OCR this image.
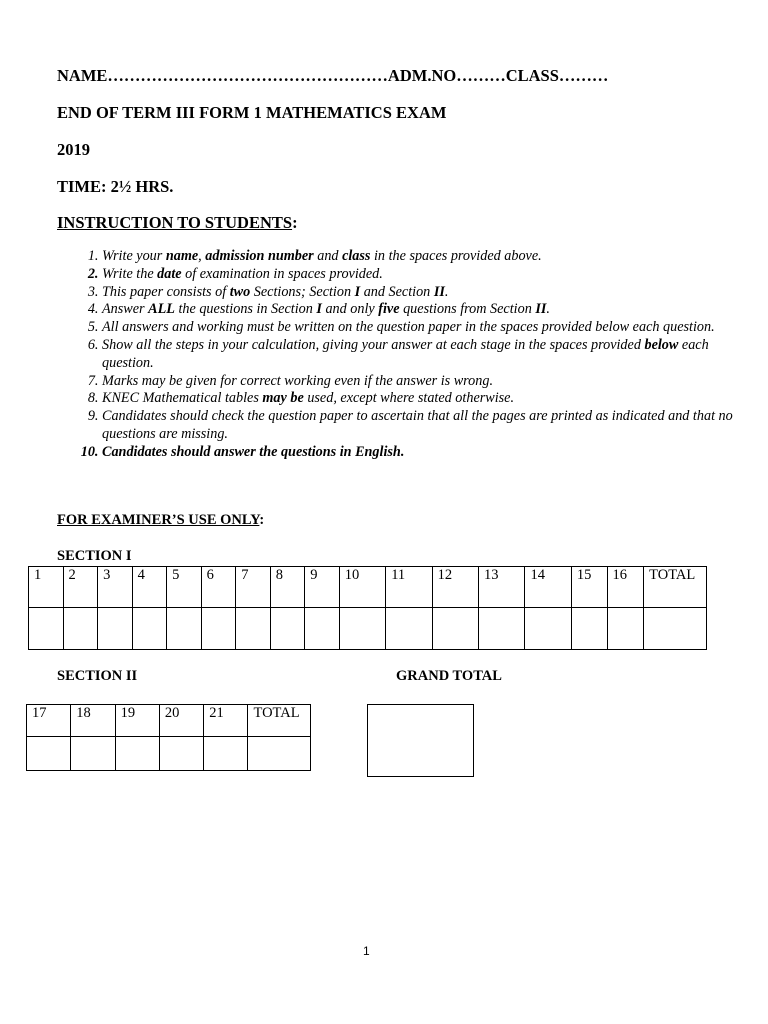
NAME……………………………………………ADM.NO………CLASS………
END OF TERM III FORM 1 MATHEMATICS EXAM
2019
TIME: 2½ HRS.
INSTRUCTION TO STUDENTS:
1. Write your name, admission number and class in the spaces provided above.
2. Write the date of examination in spaces provided.
3. This paper consists of two Sections; Section I and Section II.
4. Answer ALL the questions in Section I and only five questions from Section II.
5. All answers and working must be written on the question paper in the spaces provided below each question.
6. Show all the steps in your calculation, giving your answer at each stage in the spaces provided below each question.
7. Marks may be given for correct working even if the answer is wrong.
8. KNEC Mathematical tables may be used, except where stated otherwise.
9. Candidates should check the question paper to ascertain that all the pages are printed as indicated and that no questions are missing.
10. Candidates should answer the questions in English.
FOR EXAMINER’S USE ONLY:
SECTION I
1	2	3	4	5	6	7	8	9	10	11	12	13	14	15	16	TOTAL

SECTION II	GRAND TOTAL
17	18	19	20	21	TOTAL

1
